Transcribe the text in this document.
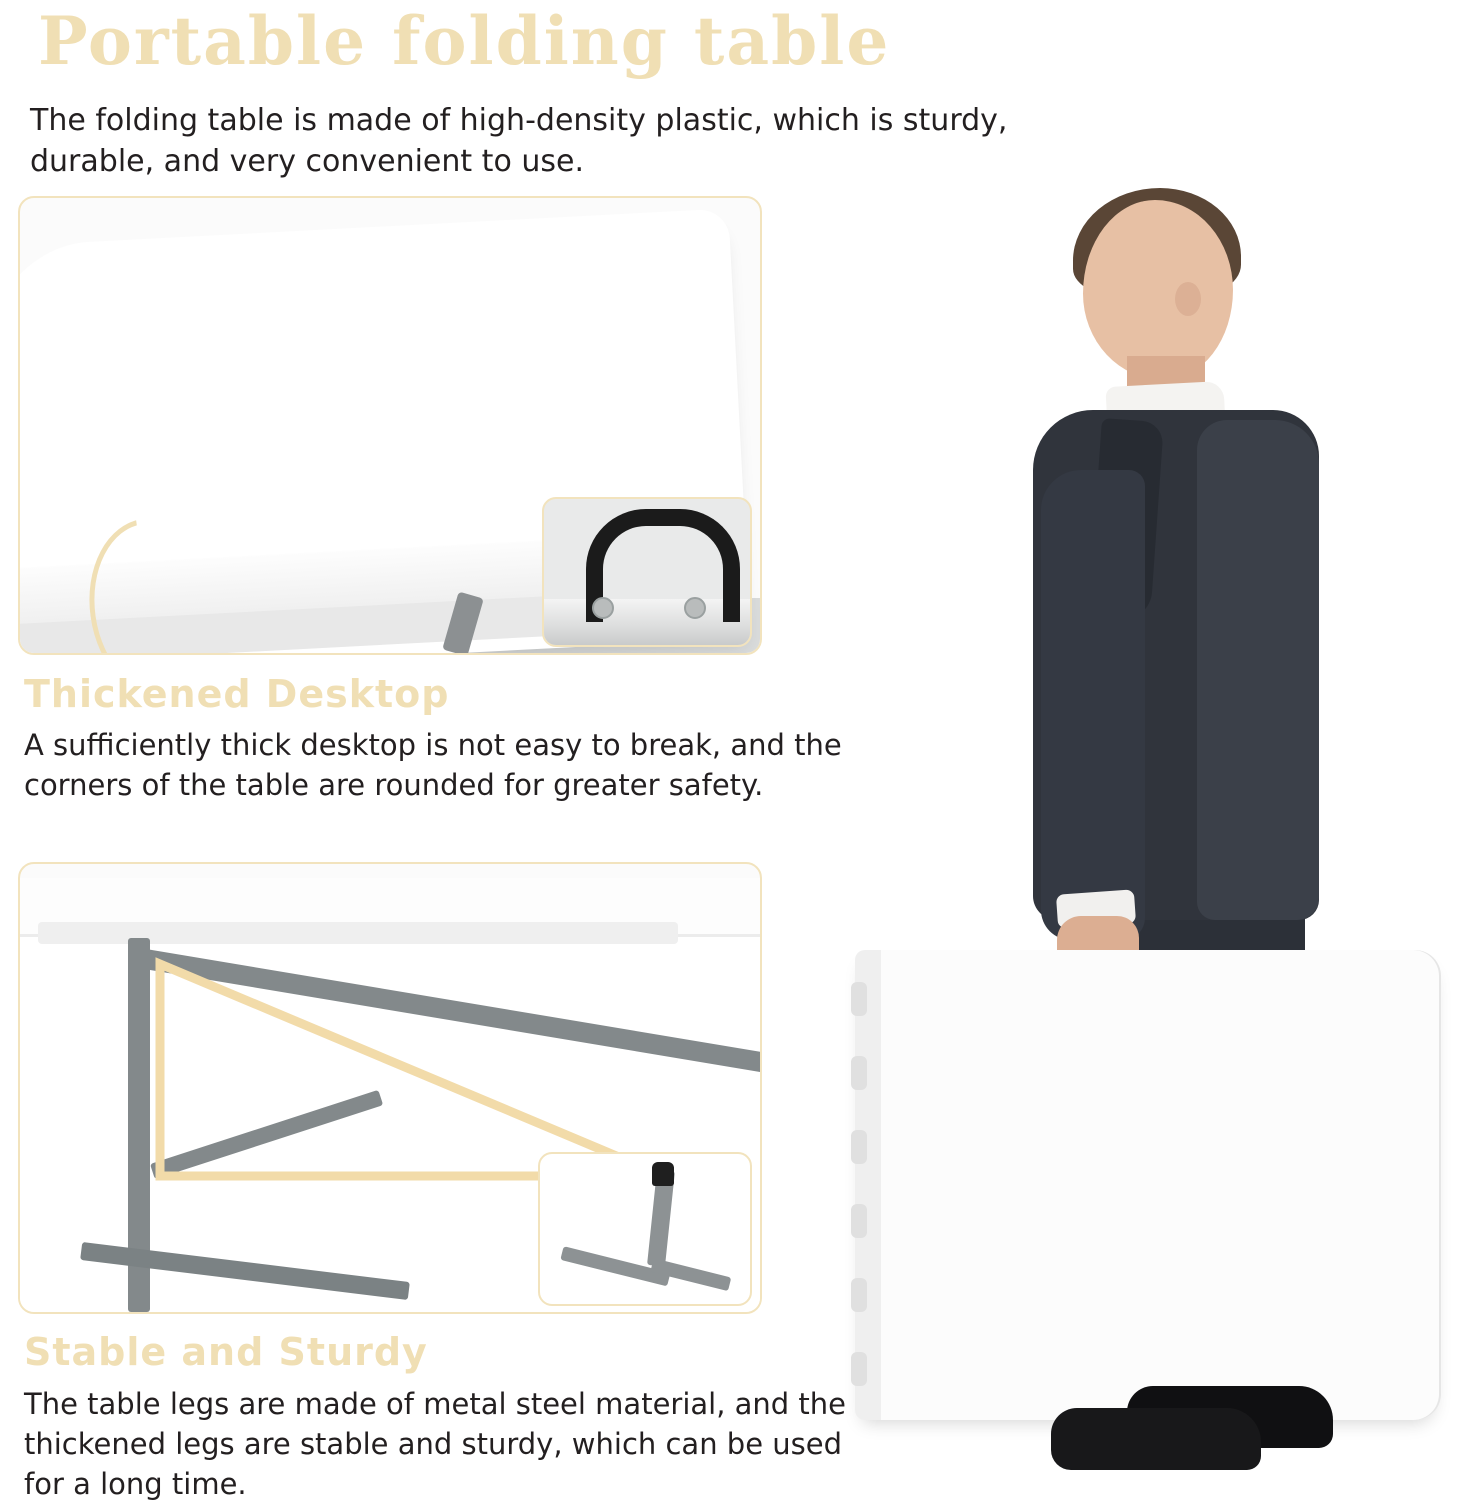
Portable folding table
The folding table is made of high-density plastic, which is sturdy, durable, and very convenient to use.
Thickened Desktop
A sufficiently thick desktop is not easy to break, and the corners of the table are rounded for greater safety.
Stable and Sturdy
The table legs are made of metal steel material, and the thickened legs are stable and sturdy, which can be used for a long time.
